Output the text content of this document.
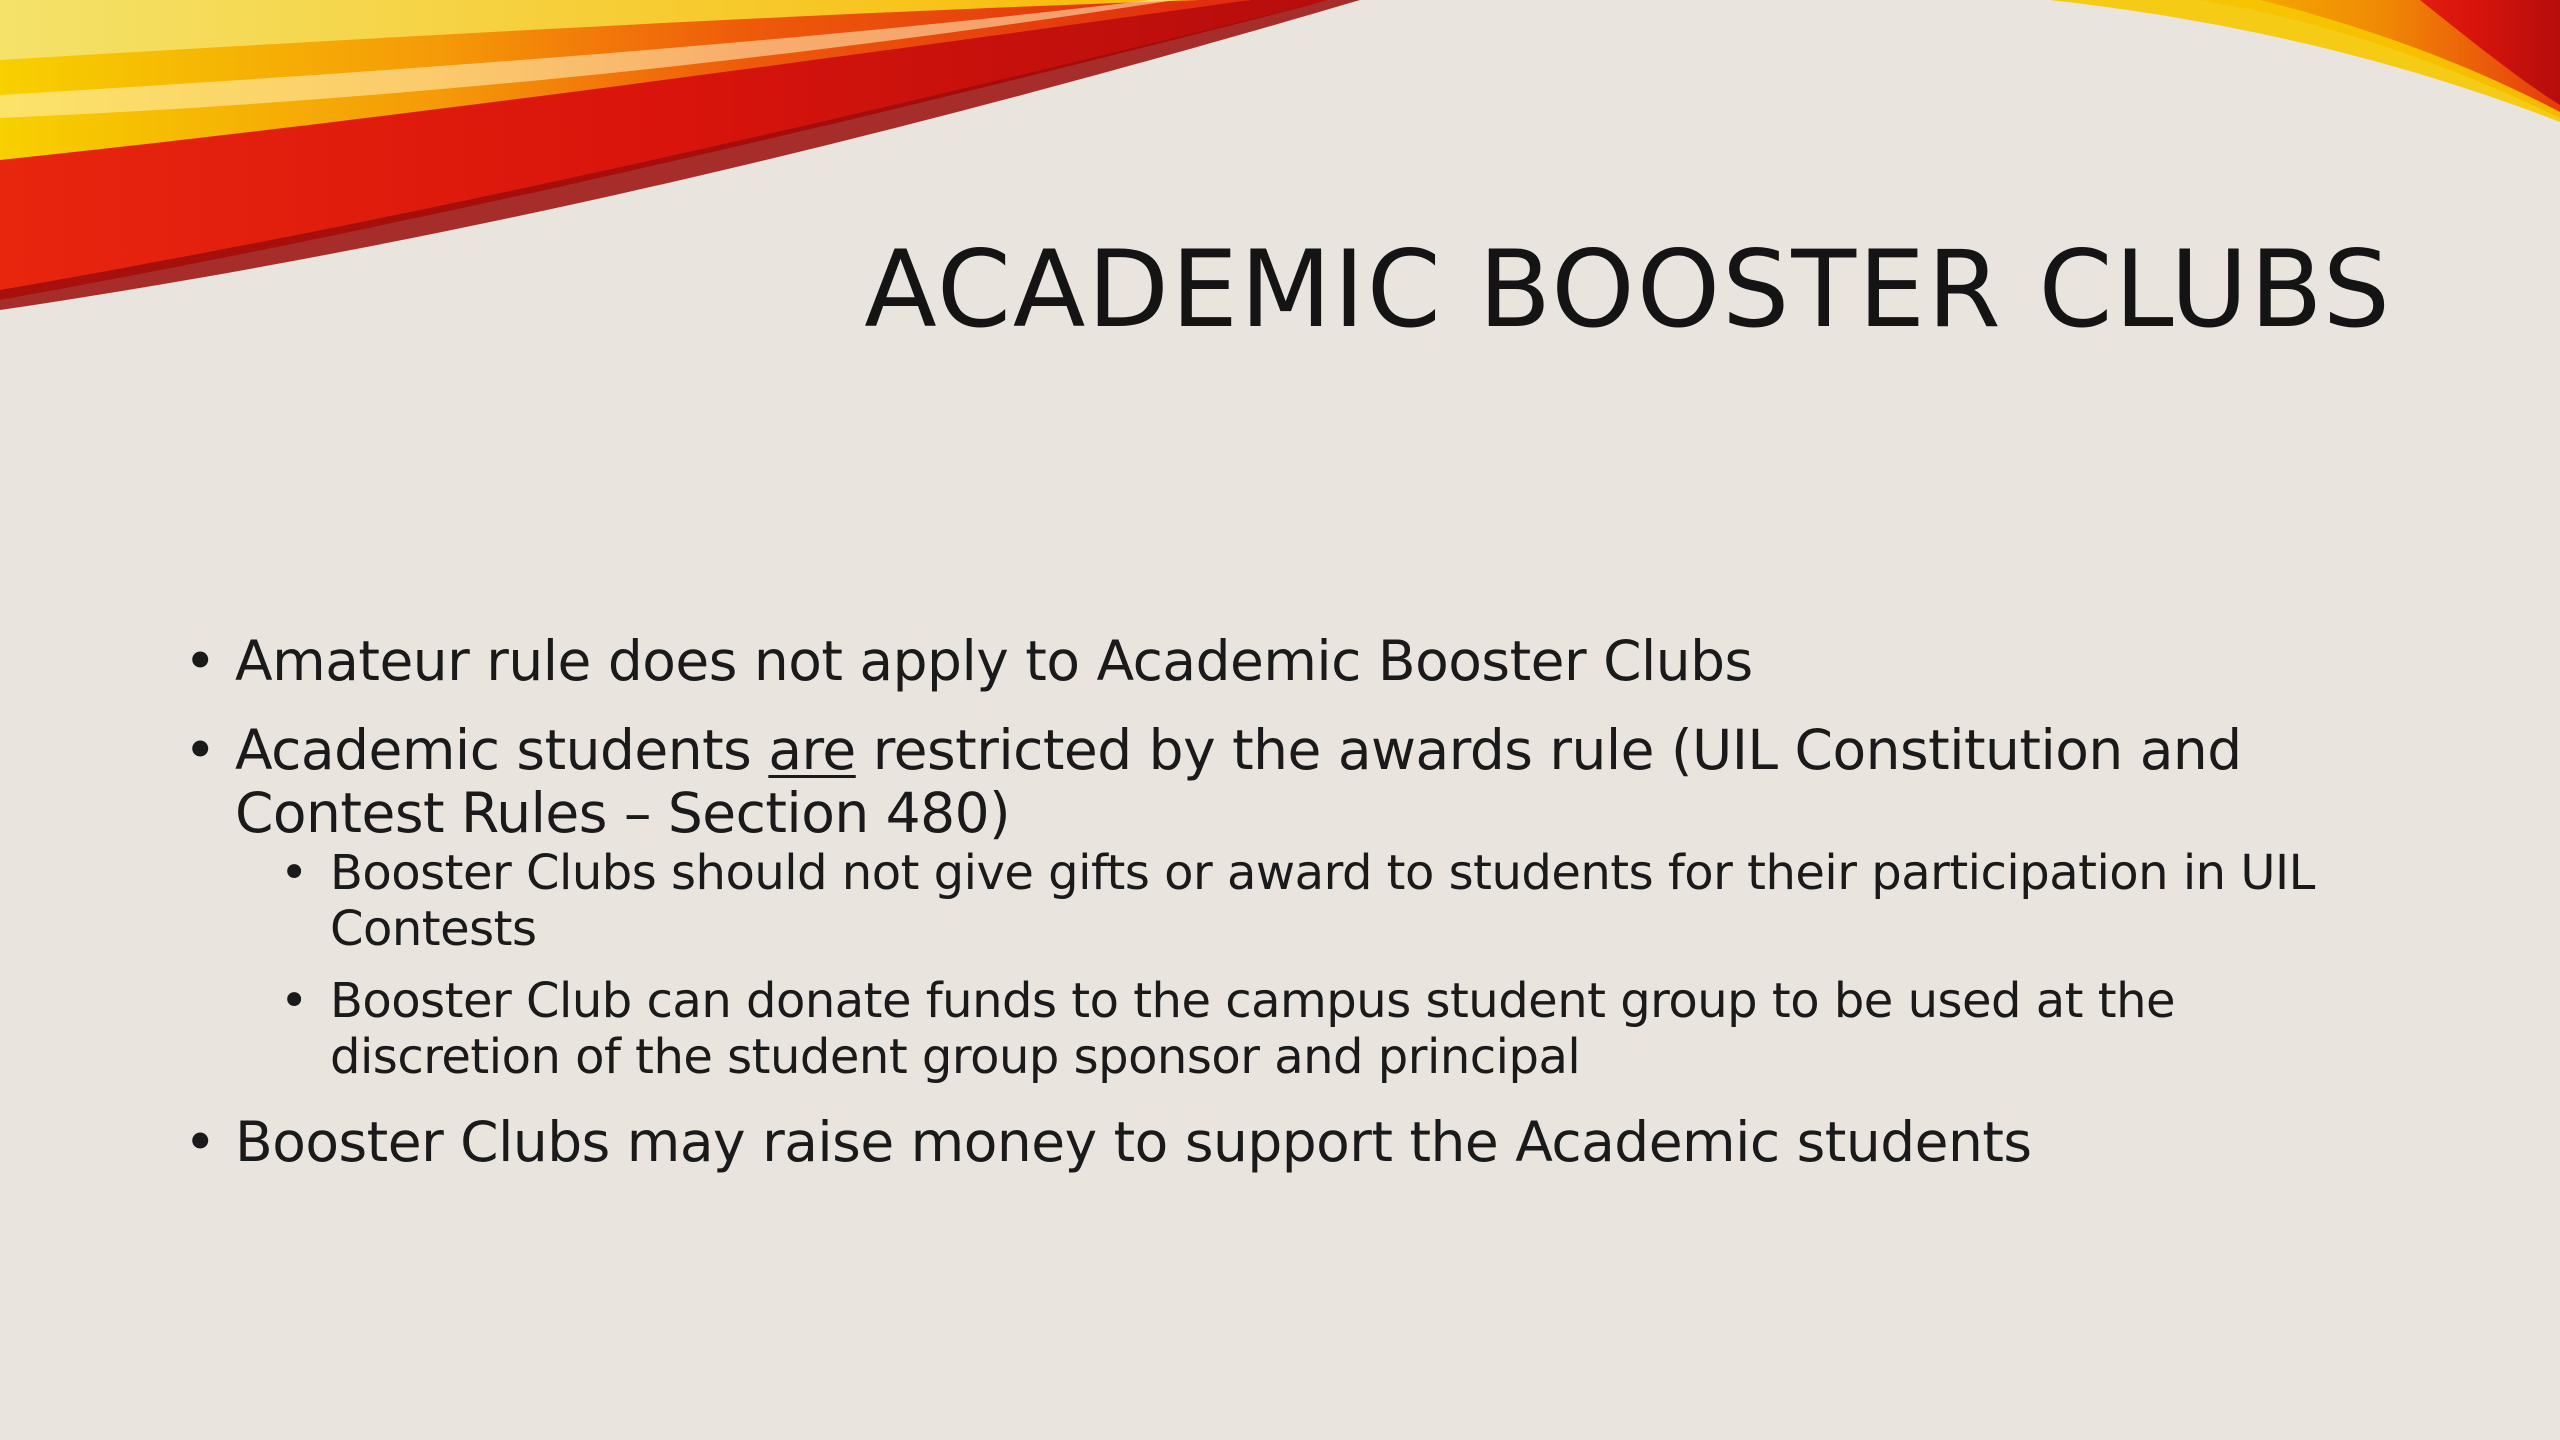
ACADEMIC BOOSTER CLUBS
• Amateur rule does not apply to Academic Booster Clubs
• Academic students are restricted by the awards rule (UIL Constitution and Contest Rules – Section 480)
• Booster Clubs should not give gifts or award to students for their participation in UIL Contests
• Booster Club can donate funds to the campus student group to be used at the discretion of the student group sponsor and principal
• Booster Clubs may raise money to support the Academic students
